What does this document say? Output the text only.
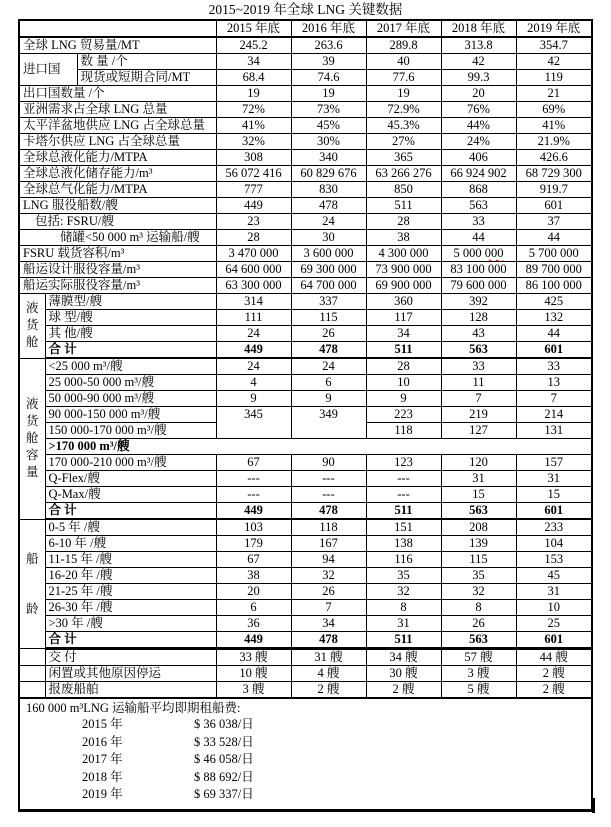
2015~2019 年全球 LNG 关键数据
			2015 年底	2016 年底	2017 年底	2018 年底	2019 年底
全球 LNG 贸易量/MT			245.2	263.6	289.8	313.8	354.7
进口国		数 量 /个	34	39	40	42	42
		现货或短期合同/MT	68.4	74.6	77.6	99.3	119
出口国数量 /个			19	19	19	20	21
亚洲需求占全球 LNG 总量			72%	73%	72.9%	76%	69%
太平洋盆地供应 LNG 占全球总量			41%	45%	45.3%	44%	41%
卡塔尔供应 LNG 占全球总量			32%	30%	27%	24%	21.9%
全球总液化能力/MTPA			308	340	365	406	426.6
全球总液化储存能力/m³			56 072 416	60 829 676	63 266 276	66 924 902	68 729 300
全球总气化能力/MTPA			777	830	850	868	919.7
LNG 服役船数/艘			449	478	511	563	601
包括: FSRU/艘			23	24	28	33	37
储罐<50 000 m³ 运输船/艘			28	30	38	44	44
FSRU 载货容积/m³			3 470 000	3 600 000	4 300 000	5 000 000	5 700 000
船运设计服役容量/m³			64 600 000	69 300 000	73 900 000	83 100 000	89 700 000
船运实际服役容量/m³			63 300 000	64 700 000	69 900 000	79 600 000	86 100 000
液货舱	薄膜型/艘		314	337	360	392	425
	球 型/艘		111	115	117	128	132
	其 他/艘		24	26	34	43	44
	合 计		449	478	511	563	601
液货舱容量	<25 000 m³/艘		24	24	28	33	33
	25 000-50 000 m³/艘		4	6	10	11	13
	50 000-90 000 m³/艘		9	9	9	7	7
	90 000-150 000 m³/艘		345	349	223	219	214
	150 000-170 000 m³/艘				118	127	131
	>170 000 m³/艘						
	170 000-210 000 m³/艘		67	90	123	120	157
	Q-Flex/艘		---	---	---	31	31
	Q-Max/艘		---	---	---	15	15
	合 计		449	478	511	563	601
船龄	0-5 年 /艘		103	118	151	208	233
	6-10 年 /艘		179	167	138	139	104
	11-15 年 /艘		67	94	116	115	153
	16-20 年 /艘		38	32	35	35	45
	21-25 年 /艘		20	26	32	32	31
	26-30 年 /艘		6	7	8	8	10
	>30 年 /艘		36	34	31	26	25
	合 计		449	478	511	563	601
	交 付		33 艘	31 艘	34 艘	57 艘	44 艘
	闲置或其他原因停运		10 艘	4 艘	30 艘	3 艘	2 艘
	报废船舶		3 艘	2 艘	2 艘	5 艘	2 艘

160 000 m³LNG 运输船平均即期租船费:
2015 年	$ 36 038/日
2016 年	$ 33 528/日
2017 年	$ 46 058/日
2018 年	$ 88 692/日
2019 年	$ 69 337/日
